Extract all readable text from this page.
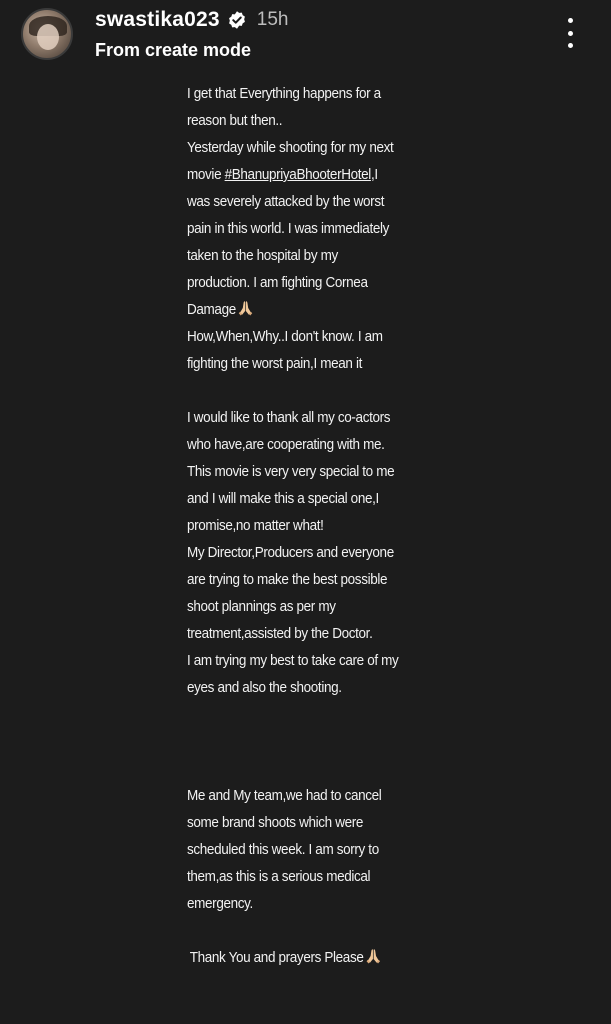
swastika023 15h
From create mode
I get that Everything happens for a
reason but then..
Yesterday while shooting for my next
movie #BhanupriyaBhooterHotel,I
was severely attacked by the worst
pain in this world. I was immediately
taken to the hospital by my
production. I am fighting Cornea
Damage
How,When,Why..I don't know. I am
fighting the worst pain,I mean it
I would like to thank all my co-actors
who have,are cooperating with me.
This movie is very very special to me
and I will make this a special one,I
promise,no matter what!
My Director,Producers and everyone
are trying to make the best possible
shoot plannings as per my
treatment,assisted by the Doctor.
I am trying my best to take care of my
eyes and also the shooting.
Me and My team,we had to cancel
some brand shoots which were
scheduled this week. I am sorry to
them,as this is a serious medical
emergency.
Thank You and prayers Please
